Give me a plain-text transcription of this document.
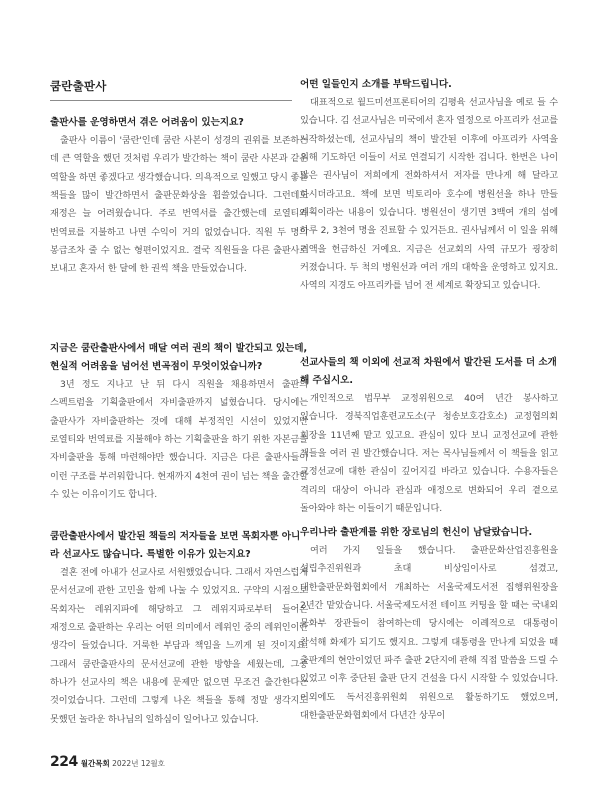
쿰란출판사
출판사를 운영하면서 겪은 어려움이 있는지요?
출판사 이름이 '쿰란'인데 쿰란 사본이 성경의 권위를 보존하는 데 큰 역할을 했던 것처럼 우리가 발간하는 책이 쿰란 사본과 같은 역할을 하면 좋겠다고 생각했습니다. 의욕적으로 일했고 당시 좋은 책들을 많이 발간하면서 출판문화상을 휩쓸었습니다. 그런데도 재정은 늘 어려웠습니다. 주로 번역서를 출간했는데 로열티와 번역료를 지불하고 나면 수익이 거의 없었습니다. 직원 두 명의 봉급조차 줄 수 없는 형편이었지요. 결국 직원들을 다른 출판사로 보내고 혼자서 한 달에 한 권씩 책을 만들었습니다.
지금은 쿰란출판사에서 매달 여러 권의 책이 발간되고 있는데, 현실적 어려움을 넘어선 변곡점이 무엇이었습니까?
3년 정도 지나고 난 뒤 다시 직원을 채용하면서 출판의 스펙트럼을 기획출판에서 자비출판까지 넓혔습니다. 당시에는 출판사가 자비출판하는 것에 대해 부정적인 시선이 있었지만 로열티와 번역료를 지불해야 하는 기획출판을 하기 위한 자본금을 자비출판을 통해 마련해야만 했습니다. 지금은 다른 출판사들이 이런 구조를 부러워합니다. 현재까지 4천여 권이 넘는 책을 출간할 수 있는 이유이기도 합니다.
쿰란출판사에서 발간된 책들의 저자들을 보면 목회자뿐 아니라 선교사도 많습니다. 특별한 이유가 있는지요?
결혼 전에 아내가 선교사로 서원했었습니다. 그래서 자연스럽게 문서선교에 관한 고민을 함께 나눌 수 있었지요. 구약의 시점으로 목회자는 레위지파에 해당하고 그 레위지파로부터 들어온 재정으로 출판하는 우리는 어떤 의미에서 레위인 중의 레위인이란 생각이 들었습니다. 거룩한 부담과 책임을 느끼게 된 것이지요. 그래서 쿰란출판사의 문서선교에 관한 방향을 세웠는데, 그중 하나가 선교사의 책은 내용에 문제만 없으면 무조건 출간한다는 것이었습니다. 그런데 그렇게 나온 책들을 통해 정말 생각지도 못했던 놀라운 하나님의 일하심이 일어나고 있습니다.
어떤 일들인지 소개를 부탁드립니다.
대표적으로 월드미션프론티어의 김평육 선교사님을 예로 들 수 있습니다. 김 선교사님은 미국에서 혼자 열정으로 아프리카 선교를 시작하셨는데, 선교사님의 책이 발간된 이후에 아프리카 사역을 위해 기도하던 이들이 서로 연결되기 시작한 겁니다. 한번은 나이 많은 권사님이 저희에게 전화하셔서 저자를 만나게 해 달라고 하시더라고요. 책에 보면 빅토리아 호수에 병원선을 하나 만들 계획이라는 내용이 있습니다. 병원선이 생기면 3백여 개의 섬에 하루 2, 3천여 명을 진료할 수 있거든요. 권사님께서 이 일을 위해 거액을 헌금하신 거예요. 지금은 선교회의 사역 규모가 굉장히 커졌습니다. 두 척의 병원선과 여러 개의 대학을 운영하고 있지요. 사역의 지경도 아프리카를 넘어 전 세계로 확장되고 있습니다.
선교사들의 책 이외에 선교적 차원에서 발간된 도서를 더 소개해 주십시오.
개인적으로 법무부 교정위원으로 40여 년간 봉사하고 있습니다. 경북직업훈련교도소(구 청송보호감호소) 교정협의회 회장을 11년째 맡고 있고요. 관심이 있다 보니 교정선교에 관한 책들을 여러 권 발간했습니다. 저는 목사님들께서 이 책들을 읽고 교정선교에 대한 관심이 깊어지길 바라고 있습니다. 수용자들은 격리의 대상이 아니라 관심과 애정으로 변화되어 우리 곁으로 돌아와야 하는 이들이기 때문입니다.
우리나라 출판계를 위한 장로님의 헌신이 남달랐습니다.
여러 가지 일들을 했습니다. 출판문화산업진흥원을 설립추진위원과 초대 비상임이사로 섬겼고, 대한출판문화협회에서 개최하는 서울국제도서전 집행위원장을 2년간 맡았습니다. 서울국제도서전 테이프 커팅을 할 때는 국내외 문화부 장관들이 참여하는데 당시에는 이례적으로 대통령이 참석해 화제가 되기도 했지요. 그렇게 대통령을 만나게 되었을 때 출판계의 현안이었던 파주 출판 2단지에 관해 직접 말씀을 드릴 수 있었고 이후 중단된 출판 단지 건설을 다시 시작할 수 있었습니다. 이외에도 독서진흥위원회 위원으로 활동하기도 했었으며, 대한출판문화협회에서 다년간 상무이
224 월간목회 2022년 12월호
